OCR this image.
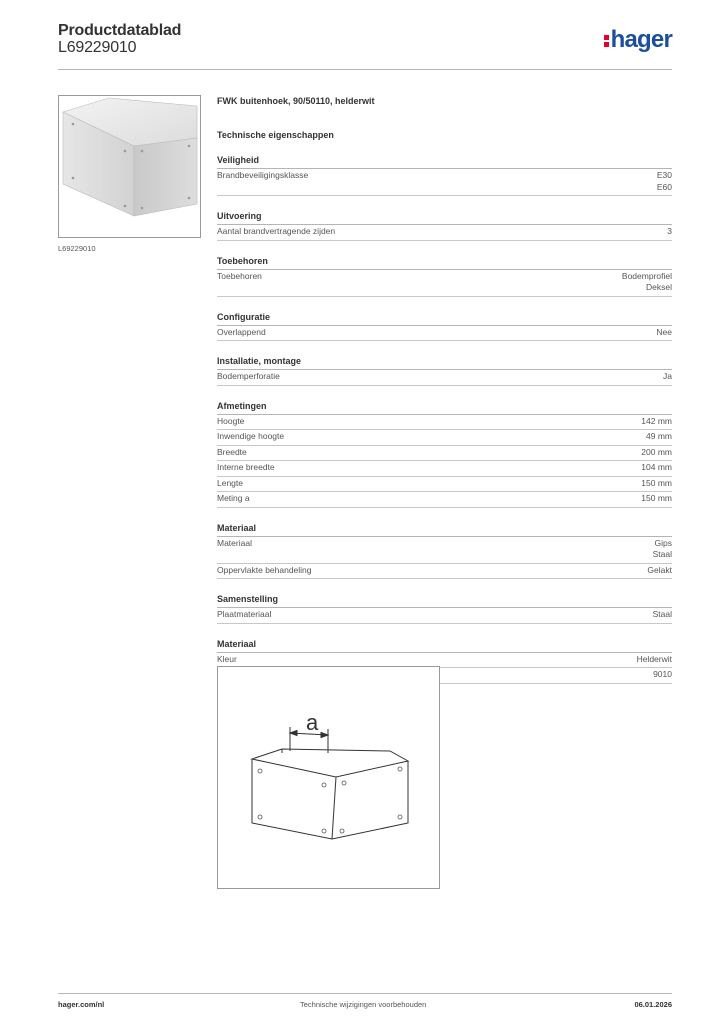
Productdatablad
L69229010	hager
L69229010
FWK buitenhoek, 90/50110, helderwit
Technische eigenschappen
Veiligheid
Brandbeveiligingsklasse	E30
E60
Uitvoering
Aantal brandvertragende zijden	3
Toebehoren
Toebehoren	Bodemprofiel
Deksel
Configuratie
Overlappend	Nee
Installatie, montage
Bodemperforatie	Ja
Afmetingen
Hoogte	142 mm
Inwendige hoogte	49 mm
Breedte	200 mm
Interne breedte	104 mm
Lengte	150 mm
Meting a	150 mm
Materiaal
Materiaal	Gips
Staal
Oppervlakte behandeling	Gelakt
Samenstelling
Plaatmateriaal	Staal
Materiaal
Kleur	Helderwit
9010
a
hager.com/nl	Technische wijzigingen voorbehouden	06.01.2026
